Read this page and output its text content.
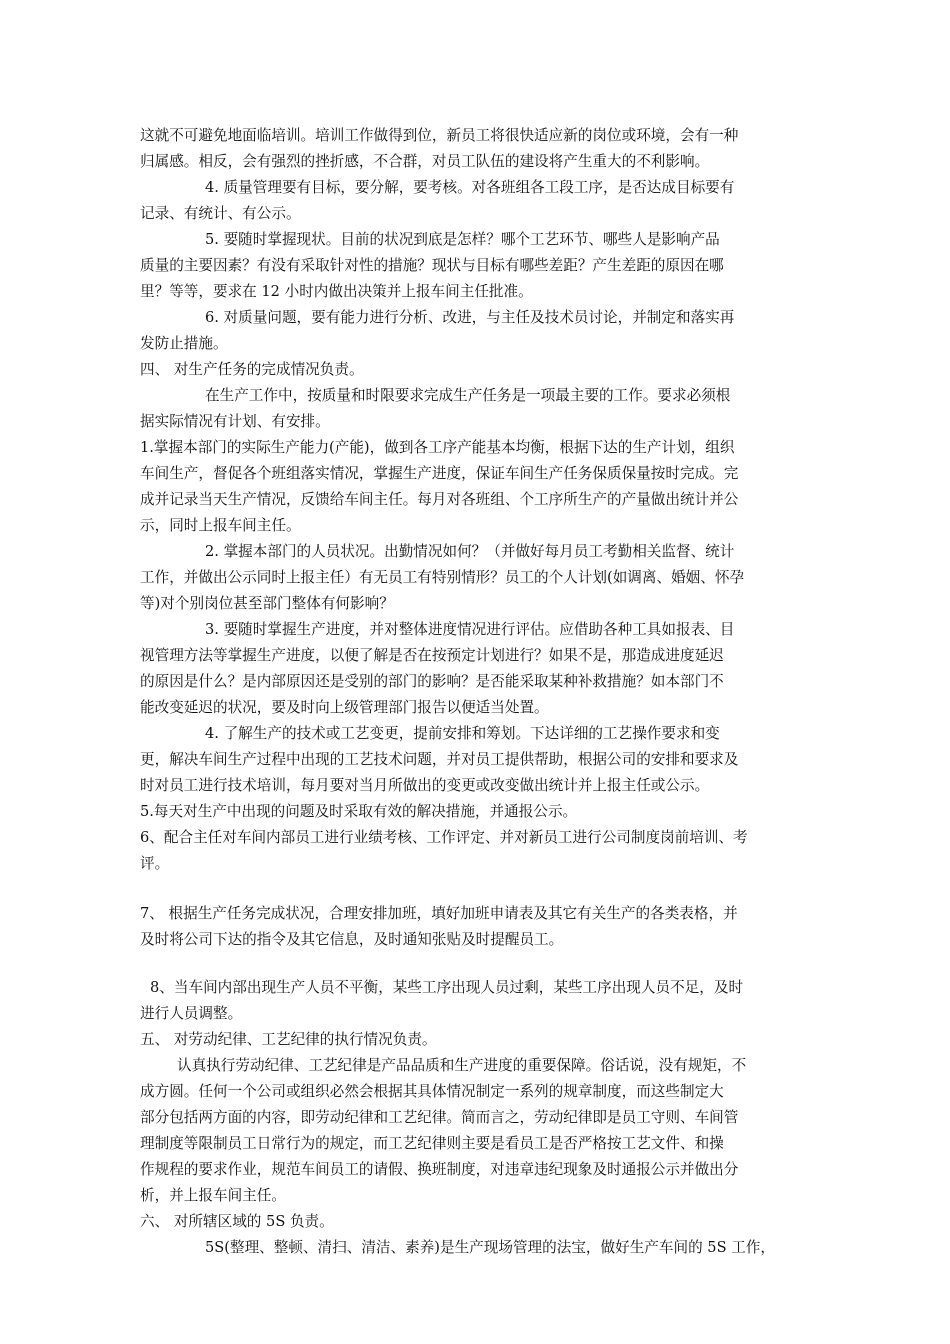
这就不可避免地面临培训。培训工作做得到位，新员工将很快适应新的岗位或环境，会有一种
归属感。相反，会有强烈的挫折感，不合群，对员工队伍的建设将产生重大的不利影响。
4. 质量管理要有目标，要分解，要考核。对各班组各工段工序，是否达成目标要有
记录、有统计、有公示。
5. 要随时掌握现状。目前的状况到底是怎样？哪个工艺环节、哪些人是影响产品
质量的主要因素？有没有采取针对性的措施？现状与目标有哪些差距？产生差距的原因在哪
里？等等，要求在 12 小时内做出决策并上报车间主任批准。
6. 对质量问题，要有能力进行分析、改进，与主任及技术员讨论，并制定和落实再
发防止措施。
四、 对生产任务的完成情况负责。
在生产工作中，按质量和时限要求完成生产任务是一项最主要的工作。要求必须根
据实际情况有计划、有安排。
1.掌握本部门的实际生产能力(产能)，做到各工序产能基本均衡，根据下达的生产计划，组织
车间生产，督促各个班组落实情况，掌握生产进度，保证车间生产任务保质保量按时完成。完
成并记录当天生产情况，反馈给车间主任。每月对各班组、个工序所生产的产量做出统计并公
示，同时上报车间主任。
2. 掌握本部门的人员状况。出勤情况如何？（并做好每月员工考勤相关监督、统计
工作，并做出公示同时上报主任）有无员工有特别情形？员工的个人计划(如调离、婚姻、怀孕
等)对个别岗位甚至部门整体有何影响？
3. 要随时掌握生产进度，并对整体进度情况进行评估。应借助各种工具如报表、目
视管理方法等掌握生产进度，以便了解是否在按预定计划进行？如果不是，那造成进度延迟
的原因是什么？是内部原因还是受别的部门的影响？是否能采取某种补救措施？如本部门不
能改变延迟的状况，要及时向上级管理部门报告以便适当处置。
4. 了解生产的技术或工艺变更，提前安排和筹划。下达详细的工艺操作要求和变
更，解决车间生产过程中出现的工艺技术问题，并对员工提供帮助，根据公司的安排和要求及
时对员工进行技术培训，每月要对当月所做出的变更或改变做出统计并上报主任或公示。
5.每天对生产中出现的问题及时采取有效的解决措施，并通报公示。
6、配合主任对车间内部员工进行业绩考核、工作评定、并对新员工进行公司制度岗前培训、考
评。
7、 根据生产任务完成状况，合理安排加班，填好加班申请表及其它有关生产的各类表格，并
及时将公司下达的指令及其它信息，及时通知张贴及时提醒员工。
8、当车间内部出现生产人员不平衡，某些工序出现人员过剩，某些工序出现人员不足，及时
进行人员调整。
五、 对劳动纪律、工艺纪律的执行情况负责。
认真执行劳动纪律、工艺纪律是产品品质和生产进度的重要保障。俗话说，没有规矩，不
成方圆。任何一个公司或组织必然会根据其具体情况制定一系列的规章制度，而这些制定大
部分包括两方面的内容，即劳动纪律和工艺纪律。简而言之，劳动纪律即是员工守则、车间管
理制度等限制员工日常行为的规定，而工艺纪律则主要是看员工是否严格按工艺文件、和操
作规程的要求作业，规范车间员工的请假、换班制度，对违章违纪现象及时通报公示并做出分
析，并上报车间主任。
六、 对所辖区域的 5S 负责。
5S(整理、整顿、清扫、清洁、素养)是生产现场管理的法宝，做好生产车间的 5S 工作，
